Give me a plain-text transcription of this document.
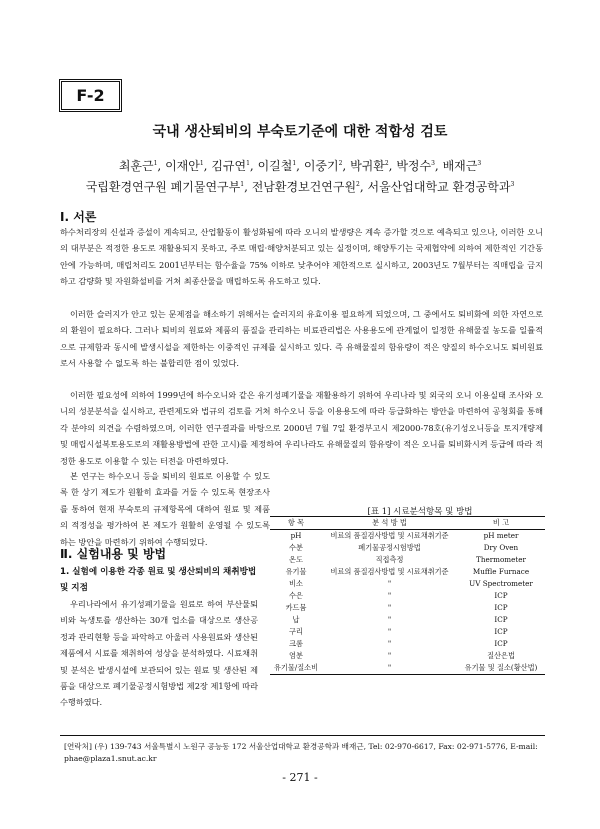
F-2
국내 생산퇴비의 부숙토기준에 대한 적합성 검토
최훈근$^1$, 이재안$^1$, 김규연$^1$, 이길철$^1$, 이중기$^2$, 박귀환$^2$, 박정수$^3$, 배재근$^3$
국립환경연구원 폐기물연구부$^1$, 전남환경보건연구원$^2$, 서울산업대학교 환경공학과$^3$
Ⅰ. 서론

하수처리장의 신설과 증설이 계속되고, 산업활동이 활성화됨에 따라 오니의 발생량은 계속 증가할 것으로 예측되고 있으나, 이러한 오니의 대부분은 적정한 용도로 재활용되지 못하고, 주로 매립·해양처분되고 있는 실정이며, 해양투기는 국제협약에 의하여 제한적인 기간동안에 가능하며, 매립처리도 2001년부터는 함수율을 75% 이하로 낮추어야 제한적으로 실시하고, 2003년도 7월부터는 직매립을 금지하고 감량화 및 자원화설비를 거쳐 최종산물을 매립하도록 유도하고 있다.

이러한 슬러지가 안고 있는 문제점을 해소하기 위해서는 슬러지의 유효이용 필요하게 되었으며, 그 중에서도 퇴비화에 의한 자연으로의 환원이 필요하다. 그러나 퇴비의 원료와 제품의 품질을 관리하는 비료관리법은 사용용도에 관계없이 일정한 유해물질 농도를 일률적으로 규제함과 동시에 발생시설을 제한하는 이중적인 규제를 실시하고 있다. 즉 유해물질의 함유량이 적은 양질의 하수오니도 퇴비원료로서 사용할 수 없도록 하는 불합리한 점이 있었다.

이러한 필요성에 의하여 1999년에 하수오니와 같은 유기성폐기물을 재활용하기 위하여 우리나라 및 외국의 오니 이용실태 조사와 오니의 성분분석을 실시하고, 관련제도와 법규의 검토를 거쳐 하수오니 등을 이용용도에 따라 등급화하는 방안을 마련하여 공청회를 통해 각 분야의 의견을 수렴하였으며, 이러한 연구결과를 바탕으로 2000년 7월 7일 환경부고시 제2000-78호(유기성오니등을 토지개량제 및 매립시설복토용도로의 재활용방법에 관한 고시)를 제정하여 우리나라도 유해물질의 함유량이 적은 오니를 퇴비화시켜 등급에 따라 적정한 용도로 이용할 수 있는 터전을 마련하였다.

본 연구는 하수오니 등을 퇴비의 원료로 이용할 수 있도록 한 상기 제도가 원활히 효과를 거둘 수 있도록 현장조사를 통하여 현재 부숙토의 규제항목에 대하여 원료 및 제품의 적정성을 평가하여 본 제도가 원활히 운영될 수 있도록 하는 방안을 마련하기 위하여 수행되었다.

Ⅱ. 실험내용 및 방법
1. 실험에 이용한 각종 원료 및 생산퇴비의 채취방법 및 지점

우리나라에서 유기성폐기물을 원료로 하여 부산물퇴비와 녹생토를 생산하는 30개 업소를 대상으로 생산공정과 관리현황 등을 파악하고 아울러 사용원료와 생산된 제품에서 시료를 채취하여 성상을 분석하였다. 시료채취 및 분석은 발생시설에 보관되어 있는 원료 및 생산된 제품을 대상으로 폐기물공정시험방법 제2장 제1항에 따라 수행하였다.

[표 1] 시료분석항목 및 방법
항 목	분 석 방 법	비 고
pH	비료의 품질검사방법 및 시료채취기준	pH meter
수분	폐기물공정시험방법	Dry Oven
온도	직접측정	Thermometer
유기물	비료의 품질검사방법 및 시료채취기준	Muffle Furnace
비소	"	UV Spectrometer
수은	"	ICP
카드뮴	"	ICP
납	"	ICP
구리	"	ICP
크롬	"	ICP
염분	"	질산은법
유기물/질소비	"	유기물 및 질소(황산법)
[연락처] (우) 139-743 서울특별시 노원구 공능동 172 서울산업대학교 환경공학과 배재근, Tel: 02-970-6617, Fax: 02-971-5776, E-mail: phae@plaza1.snut.ac.kr
- 271 -
